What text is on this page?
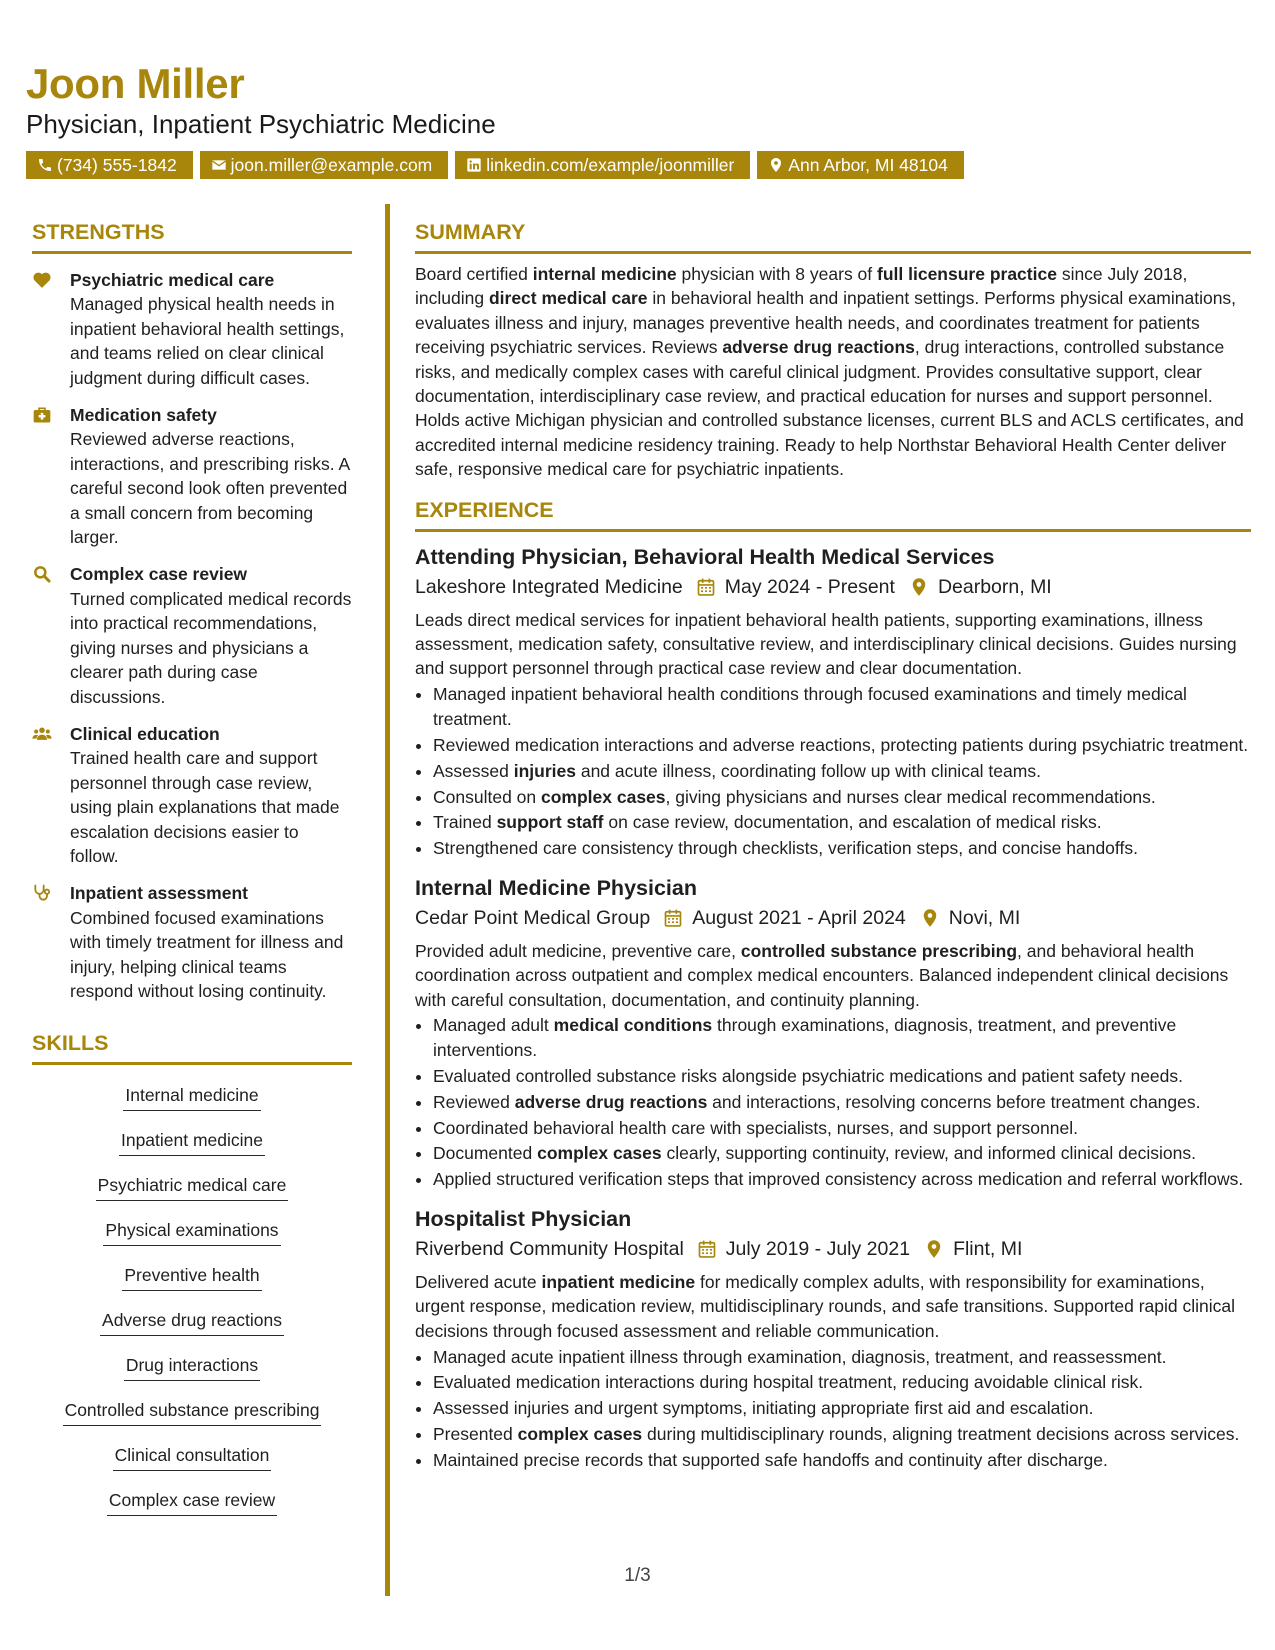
Joon Miller
Physician, Inpatient Psychiatric Medicine
(734) 555-1842	joon.miller@example.com	linkedin.com/example/joonmiller	Ann Arbor, MI 48104
STRENGTHS
Psychiatric medical care
Managed physical health needs in inpatient behavioral health settings, and teams relied on clear clinical judgment during difficult cases.
Medication safety
Reviewed adverse reactions, interactions, and prescribing risks. A careful second look often prevented a small concern from becoming larger.
Complex case review
Turned complicated medical records into practical recommendations, giving nurses and physicians a clearer path during case discussions.
Clinical education
Trained health care and support personnel through case review, using plain explanations that made escalation decisions easier to follow.
Inpatient assessment
Combined focused examinations with timely treatment for illness and injury, helping clinical teams respond without losing continuity.
SKILLS
Internal medicine
Inpatient medicine
Psychiatric medical care
Physical examinations
Preventive health
Adverse drug reactions
Drug interactions
Controlled substance prescribing
Clinical consultation
Complex case review
SUMMARY
Board certified internal medicine physician with 8 years of full licensure practice since July 2018, including direct medical care in behavioral health and inpatient settings. Performs physical examinations, evaluates illness and injury, manages preventive health needs, and coordinates treatment for patients receiving psychiatric services. Reviews adverse drug reactions, drug interactions, controlled substance risks, and medically complex cases with careful clinical judgment. Provides consultative support, clear documentation, interdisciplinary case review, and practical education for nurses and support personnel. Holds active Michigan physician and controlled substance licenses, current BLS and ACLS certificates, and accredited internal medicine residency training. Ready to help Northstar Behavioral Health Center deliver safe, responsive medical care for psychiatric inpatients.
EXPERIENCE
Attending Physician, Behavioral Health Medical Services
Lakeshore Integrated Medicine May 2024 - Present Dearborn, MI
Leads direct medical services for inpatient behavioral health patients, supporting examinations, illness assessment, medication safety, consultative review, and interdisciplinary clinical decisions. Guides nursing and support personnel through practical case review and clear documentation.
• Managed inpatient behavioral health conditions through focused examinations and timely medical treatment.
• Reviewed medication interactions and adverse reactions, protecting patients during psychiatric treatment.
• Assessed injuries and acute illness, coordinating follow up with clinical teams.
• Consulted on complex cases, giving physicians and nurses clear medical recommendations.
• Trained support staff on case review, documentation, and escalation of medical risks.
• Strengthened care consistency through checklists, verification steps, and concise handoffs.
Internal Medicine Physician
Cedar Point Medical Group August 2021 - April 2024 Novi, MI
Provided adult medicine, preventive care, controlled substance prescribing, and behavioral health coordination across outpatient and complex medical encounters. Balanced independent clinical decisions with careful consultation, documentation, and continuity planning.
• Managed adult medical conditions through examinations, diagnosis, treatment, and preventive interventions.
• Evaluated controlled substance risks alongside psychiatric medications and patient safety needs.
• Reviewed adverse drug reactions and interactions, resolving concerns before treatment changes.
• Coordinated behavioral health care with specialists, nurses, and support personnel.
• Documented complex cases clearly, supporting continuity, review, and informed clinical decisions.
• Applied structured verification steps that improved consistency across medication and referral workflows.
Hospitalist Physician
Riverbend Community Hospital July 2019 - July 2021 Flint, MI
Delivered acute inpatient medicine for medically complex adults, with responsibility for examinations, urgent response, medication review, multidisciplinary rounds, and safe transitions. Supported rapid clinical decisions through focused assessment and reliable communication.
• Managed acute inpatient illness through examination, diagnosis, treatment, and reassessment.
• Evaluated medication interactions during hospital treatment, reducing avoidable clinical risk.
• Assessed injuries and urgent symptoms, initiating appropriate first aid and escalation.
• Presented complex cases during multidisciplinary rounds, aligning treatment decisions across services.
• Maintained precise records that supported safe handoffs and continuity after discharge.
1/3
